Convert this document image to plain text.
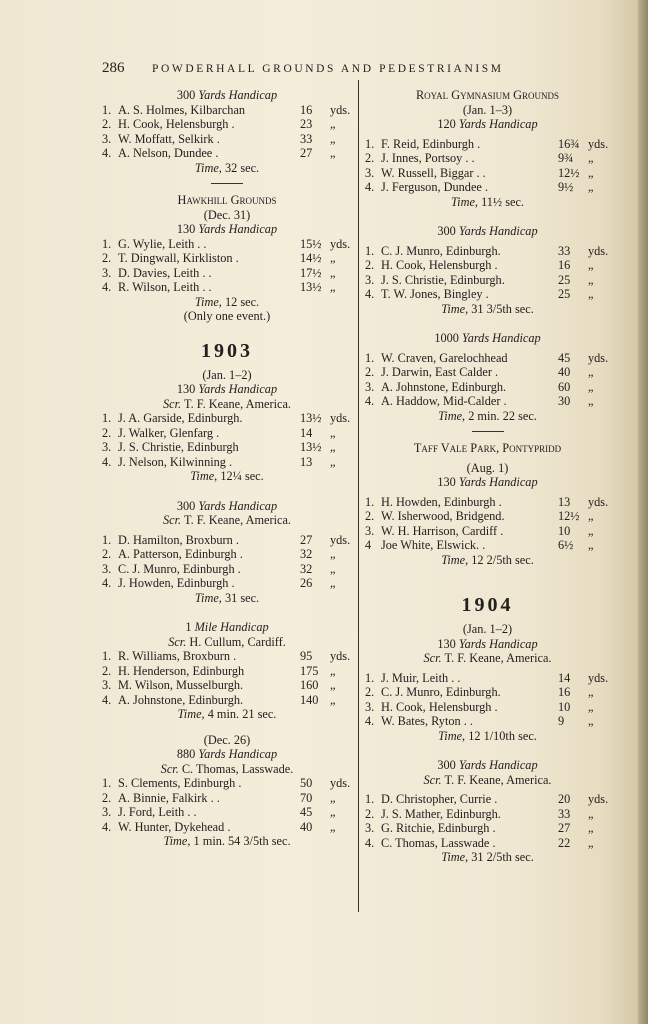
286	POWDERHALL GROUNDS AND PEDESTRIANISM
300 Yards Handicap
1. A. S. Holmes, Kilbarchan	16	yds.
2. H. Cook, Helensburgh .	23	„
3. W. Moffatt, Selkirk .	33	„
4. A. Nelson, Dundee .	27	„
Time, 32 sec.
Hawkhill Grounds
(Dec. 31)
130 Yards Handicap
1. G. Wylie, Leith . .	15½ yds.
2. T. Dingwall, Kirkliston .	14½ „
3. D. Davies, Leith . .	17½ „
4. R. Wilson, Leith . .	13½ „
Time, 12 sec.
(Only one event.)
1903
(Jan. 1–2)
130 Yards Handicap
Scr. T. F. Keane, America.
1. J. A. Garside, Edinburgh.	13½ yds.
2. J. Walker, Glenfarg .	14	„
3. J. S. Christie, Edinburgh	13½ „
4. J. Nelson, Kilwinning .	13	„
Time, 12¼ sec.
300 Yards Handicap
Scr. T. F. Keane, America.
1. D. Hamilton, Broxburn .	27	yds.
2. A. Patterson, Edinburgh .	32	„
3. C. J. Munro, Edinburgh .	32	„
4. J. Howden, Edinburgh .	26	„
Time, 31 sec.
1 Mile Handicap
Scr. H. Cullum, Cardiff.
1. R. Williams, Broxburn .	95	yds.
2. H. Henderson, Edinburgh	175 „
3. M. Wilson, Musselburgh.	160 „
4. A. Johnstone, Edinburgh.	140 „
Time, 4 min. 21 sec.
(Dec. 26)
880 Yards Handicap
Scr. C. Thomas, Lasswade.
1. S. Clements, Edinburgh .	50	yds.
2. A. Binnie, Falkirk . .	70	„
3. J. Ford, Leith . .	45	„
4. W. Hunter, Dykehead .	40	„
Time, 1 min. 54 3/5th sec.
Royal Gymnasium Grounds
(Jan. 1–3)
120 Yards Handicap
1. F. Reid, Edinburgh .	16¾ yds.
2. J. Innes, Portsoy . .	9¾	„
3. W. Russell, Biggar . .	12½ „
4. J. Ferguson, Dundee .	9½	„
Time, 11½ sec.
300 Yards Handicap
1. C. J. Munro, Edinburgh.	33	yds.
2. H. Cook, Helensburgh .	16	„
3. J. S. Christie, Edinburgh.	25	„
4. T. W. Jones, Bingley .	25	„
Time, 31 3/5th sec.
1000 Yards Handicap
1. W. Craven, Garelochhead	45	yds.
2. J. Darwin, East Calder .	40	„
3. A. Johnstone, Edinburgh.	60	„
4. A. Haddow, Mid-Calder .	30	„
Time, 2 min. 22 sec.
Taff Vale Park, Pontypridd
(Aug. 1)
130 Yards Handicap
1. H. Howden, Edinburgh .	13	yds.
2. W. Isherwood, Bridgend.	12½ „
3. W. H. Harrison, Cardiff .	10	„
4 Joe White, Elswick. .	6½	„
Time, 12 2/5th sec.
1904
(Jan. 1–2)
130 Yards Handicap
Scr. T. F. Keane, America.
1. J. Muir, Leith . .	14	yds.
2. C. J. Munro, Edinburgh.	16	„
3. H. Cook, Helensburgh .	10	„
4. W. Bates, Ryton . .	9	„
Time, 12 1/10th sec.
300 Yards Handicap
Scr. T. F. Keane, America.
1. D. Christopher, Currie .	20	yds.
2. J. S. Mather, Edinburgh.	33	„
3. G. Ritchie, Edinburgh .	27	„
4. C. Thomas, Lasswade .	22	„
Time, 31 2/5th sec.
